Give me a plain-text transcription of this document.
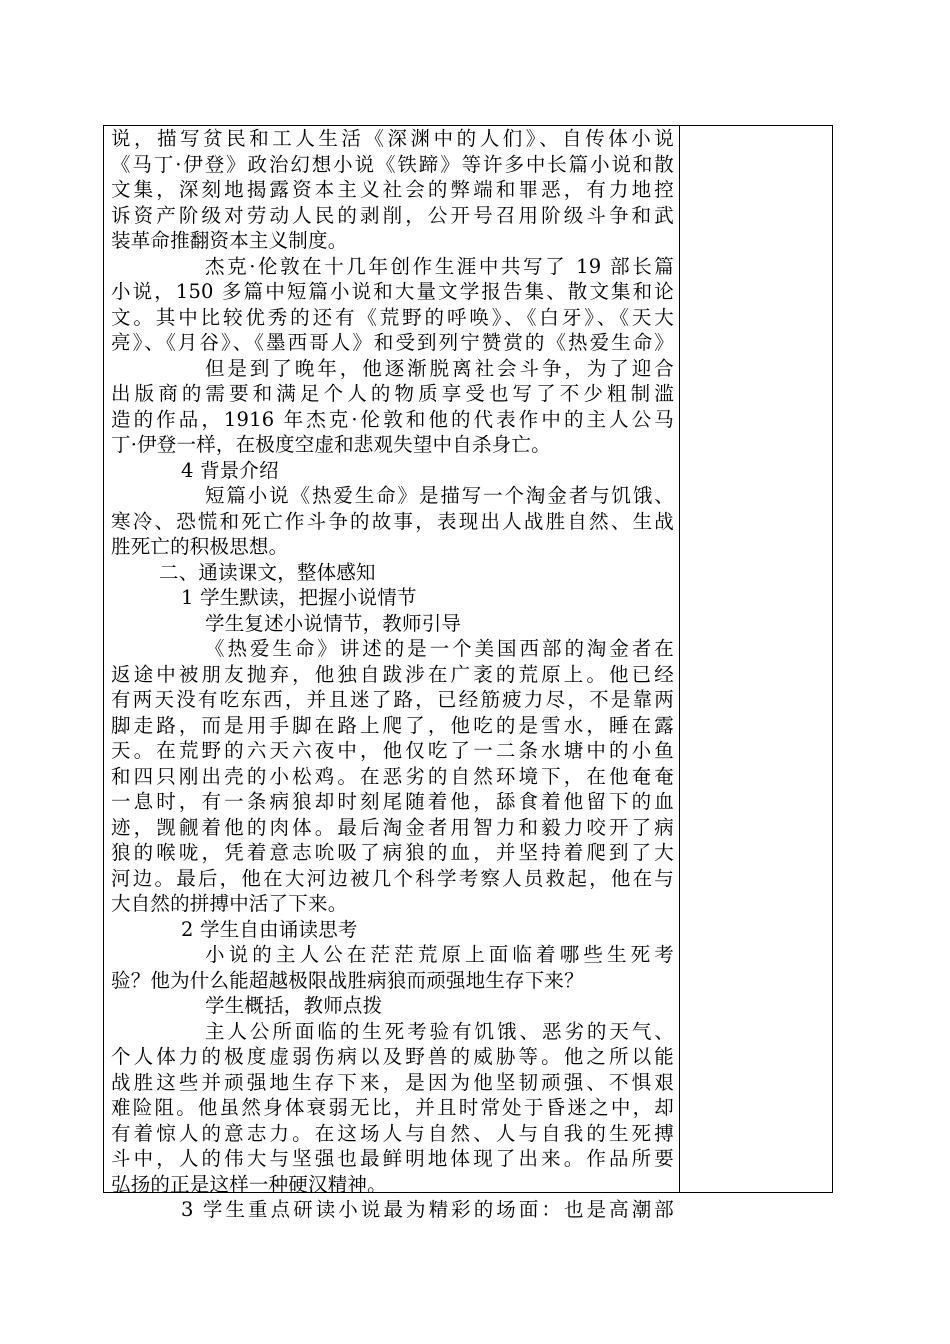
说，描写贫民和工人生活《深渊中的人们》、自传体小说
《马丁·伊登》政治幻想小说《铁蹄》等许多中长篇小说和散
文集，深刻地揭露资本主义社会的弊端和罪恶，有力地控
诉资产阶级对劳动人民的剥削，公开号召用阶级斗争和武
装革命推翻资本主义制度。
杰克·伦敦在十几年创作生涯中共写了 19 部长篇
小说，150 多篇中短篇小说和大量文学报告集、散文集和论
文。其中比较优秀的还有《荒野的呼唤》、《白牙》、《天大
亮》、《月谷》、《墨西哥人》和受到列宁赞赏的《热爱生命》
但是到了晚年，他逐渐脱离社会斗争，为了迎合
出版商的需要和满足个人的物质享受也写了不少粗制滥
造的作品，1916 年杰克·伦敦和他的代表作中的主人公马
丁·伊登一样，在极度空虚和悲观失望中自杀身亡。
4 背景介绍
短篇小说《热爱生命》是描写一个淘金者与饥饿、
寒冷、恐慌和死亡作斗争的故事，表现出人战胜自然、生战
胜死亡的积极思想。
二、通读课文，整体感知
1 学生默读，把握小说情节
学生复述小说情节，教师引导
《热爱生命》讲述的是一个美国西部的淘金者在
返途中被朋友抛弃，他独自跋涉在广袤的荒原上。他已经
有两天没有吃东西，并且迷了路，已经筋疲力尽，不是靠两
脚走路，而是用手脚在路上爬了，他吃的是雪水，睡在露
天。在荒野的六天六夜中，他仅吃了一二条水塘中的小鱼
和四只刚出壳的小松鸡。在恶劣的自然环境下，在他奄奄
一息时，有一条病狼却时刻尾随着他，舔食着他留下的血
迹，觊觎着他的肉体。最后淘金者用智力和毅力咬开了病
狼的喉咙，凭着意志吮吸了病狼的血，并坚持着爬到了大
河边。最后，他在大河边被几个科学考察人员救起，他在与
大自然的拼搏中活了下来。
2 学生自由诵读思考
小说的主人公在茫茫荒原上面临着哪些生死考
验？他为什么能超越极限战胜病狼而顽强地生存下来？
学生概括，教师点拨
主人公所面临的生死考验有饥饿、恶劣的天气、
个人体力的极度虚弱伤病以及野兽的威胁等。他之所以能
战胜这些并顽强地生存下来，是因为他坚韧顽强、不惧艰
难险阻。他虽然身体衰弱无比，并且时常处于昏迷之中，却
有着惊人的意志力。在这场人与自然、人与自我的生死搏
斗中，人的伟大与坚强也最鲜明地体现了出来。作品所要
弘扬的正是这样一种硬汉精神。
3 学生重点研读小说最为精彩的场面：也是高潮部
